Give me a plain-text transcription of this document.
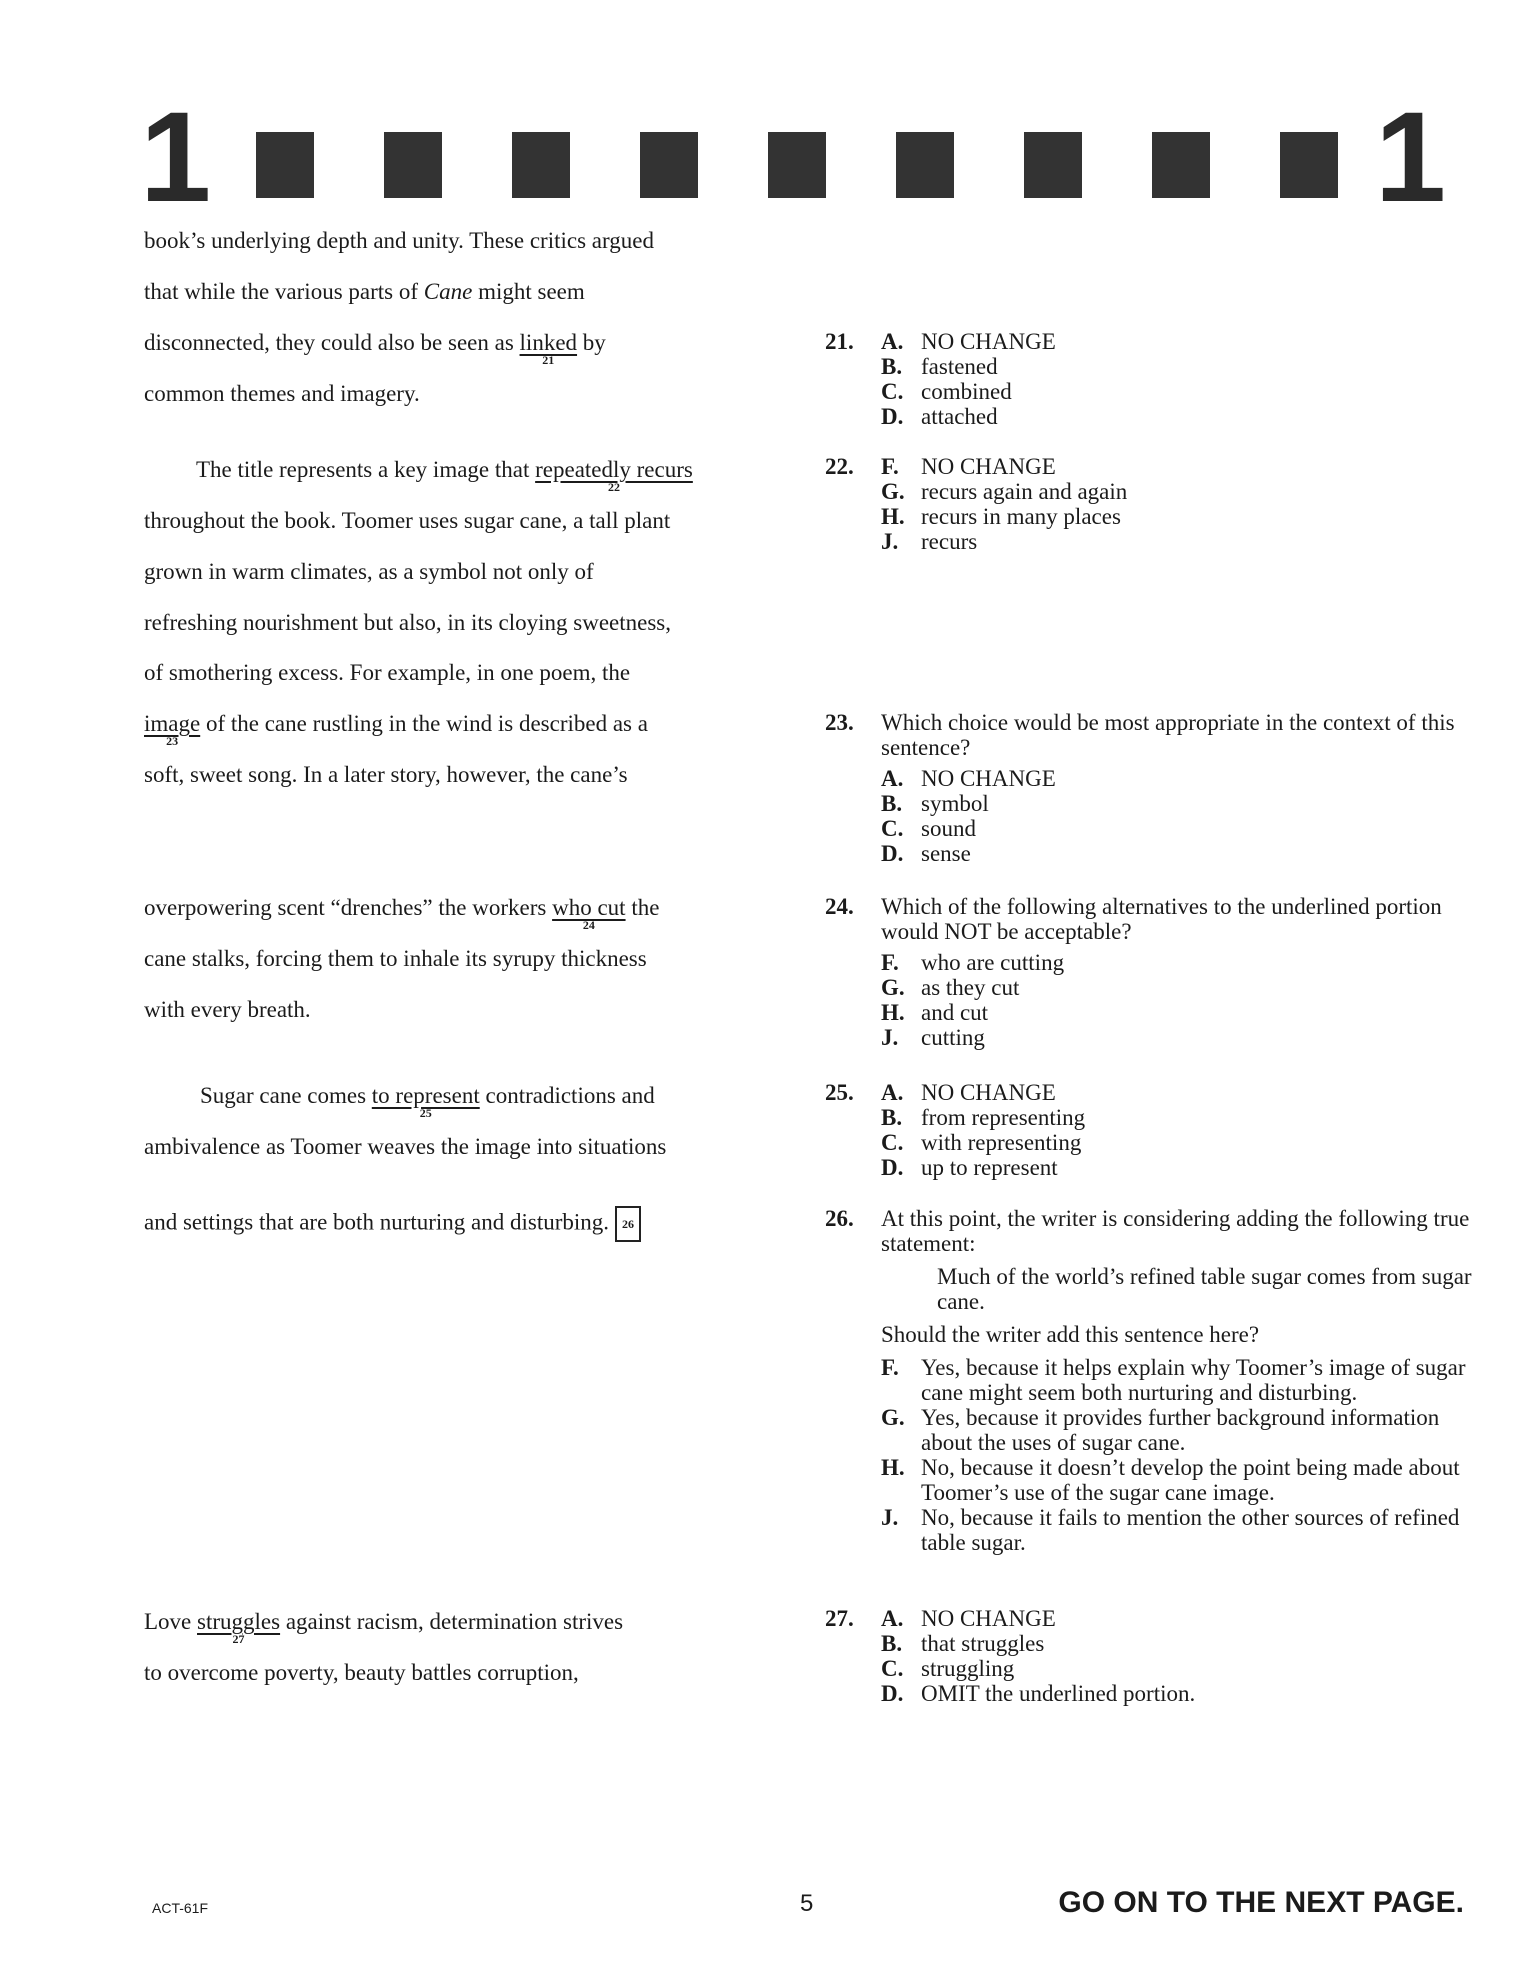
1	1
book’s underlying depth and unity. These critics argued
that while the various parts of Cane might seem
disconnected, they could also be seen as linked
21
by
common themes and imagery.
The title represents a key image that repeatedly recurs
22
throughout the book. Toomer uses sugar cane, a tall plant
grown in warm climates, as a symbol not only of
refreshing nourishment but also, in its cloying sweetness,
of smothering excess. For example, in one poem, the
image
23
of the cane rustling in the wind is described as a
soft, sweet song. In a later story, however, the cane’s
overpowering scent “drenches” the workers who cut
24
the
cane stalks, forcing them to inhale its syrupy thickness
with every breath.
Sugar cane comes to represent
25
contradictions and
ambivalence as Toomer weaves the image into situations
and settings that are both nurturing and disturbing. 26
Love struggles
27
against racism, determination strives
to overcome poverty, beauty battles corruption,
21. A. NO CHANGE
B. fastened
C. combined
D. attached
22. F. NO CHANGE
G. recurs again and again
H. recurs in many places
J. recurs
23. Which choice would be most appropriate in the context of this sentence?
A. NO CHANGE
B. symbol
C. sound
D. sense
24. Which of the following alternatives to the underlined portion would NOT be acceptable?
F. who are cutting
G. as they cut
H. and cut
J. cutting
25. A. NO CHANGE
B. from representing
C. with representing
D. up to represent
26. At this point, the writer is considering adding the following true statement:
Much of the world’s refined table sugar comes from sugar cane.
Should the writer add this sentence here?
F. Yes, because it helps explain why Toomer’s image of sugar cane might seem both nurturing and disturbing.
G. Yes, because it provides further background information about the uses of sugar cane.
H. No, because it doesn’t develop the point being made about Toomer’s use of the sugar cane image.
J. No, because it fails to mention the other sources of refined table sugar.
27. A. NO CHANGE
B. that struggles
C. struggling
D. OMIT the underlined portion.
ACT-61F	5	GO ON TO THE NEXT PAGE.
